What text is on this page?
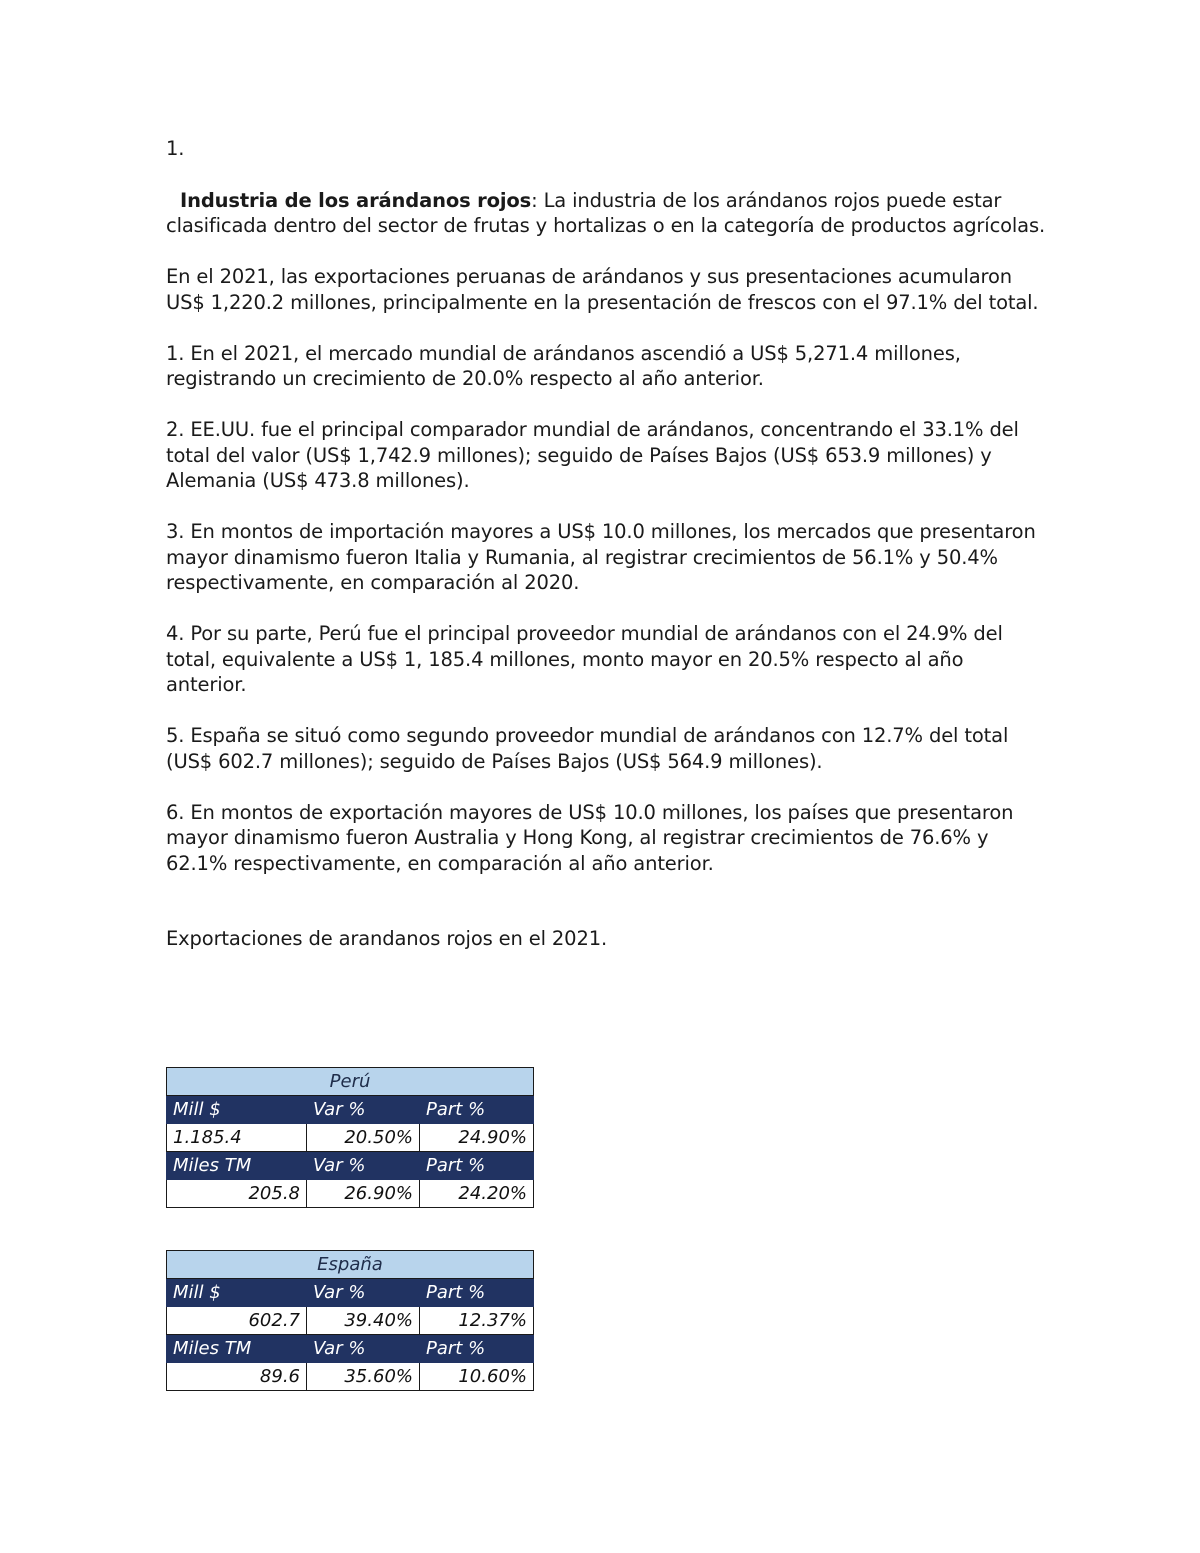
1.

Industria de los arándanos rojos: La industria de los arándanos rojos puede estar clasificada dentro del sector de frutas y hortalizas o en la categoría de productos agrícolas.

En el 2021, las exportaciones peruanas de arándanos y sus presentaciones acumularon US$ 1,220.2 millones, principalmente en la presentación de frescos con el 97.1% del total.

1. En el 2021, el mercado mundial de arándanos ascendió a US$ 5,271.4 millones, registrando un crecimiento de 20.0% respecto al año anterior.

2. EE.UU. fue el principal comparador mundial de arándanos, concentrando el 33.1% del total del valor (US$ 1,742.9 millones); seguido de Países Bajos (US$ 653.9 millones) y Alemania (US$ 473.8 millones).

3. En montos de importación mayores a US$ 10.0 millones, los mercados que presentaron mayor dinamismo fueron Italia y Rumania, al registrar crecimientos de 56.1% y 50.4% respectivamente, en comparación al 2020.

4. Por su parte, Perú fue el principal proveedor mundial de arándanos con el 24.9% del total, equivalente a US$ 1, 185.4 millones, monto mayor en 20.5% respecto al año anterior.

5. España se situó como segundo proveedor mundial de arándanos con 12.7% del total (US$ 602.7 millones); seguido de Países Bajos (US$ 564.9 millones).

6. En montos de exportación mayores de US$ 10.0 millones, los países que presentaron mayor dinamismo fueron Australia y Hong Kong, al registrar crecimientos de 76.6% y 62.1% respectivamente, en comparación al año anterior.

Exportaciones de arandanos rojos en el 2021.

Perú		
Mill $	Var %	Part %
1.185.4	20.50%	24.90%
Miles TM	Var %	Part %
205.8	26.90%	24.20%
España		
Mill $	Var %	Part %
602.7	39.40%	12.37%
Miles TM	Var %	Part %
89.6	35.60%	10.60%
